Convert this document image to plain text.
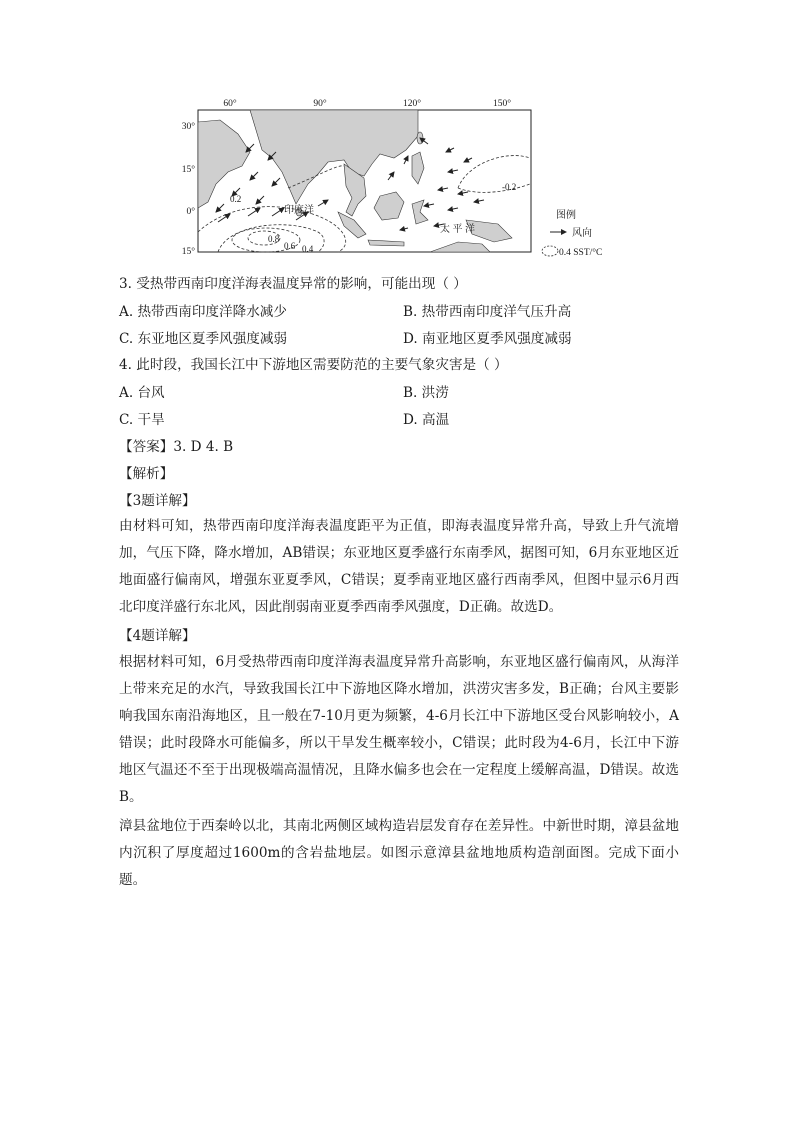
60°	90°	120°	150°
30°
15°
0°
15°
印度洋
太 平 洋
0.2
0.8
0.6 0.4
-0.2
图例
风向
0.4 SST/°C
3. 受热带西南印度洋海表温度异常的影响，可能出现（ ）
A. 热带西南印度洋降水减少	B. 热带西南印度洋气压升高
C. 东亚地区夏季风强度减弱	D. 南亚地区夏季风强度减弱
4. 此时段，我国长江中下游地区需要防范的主要气象灾害是（ ）
A. 台风	B. 洪涝
C. 干旱	D. 高温
【答案】3. D 4. B
【解析】
【3题详解】

由材料可知，热带西南印度洋海表温度距平为正值，即海表温度异常升高，导致上升气流增加，气压下降，降水增加，AB错误；东亚地区夏季盛行东南季风，据图可知，6月东亚地区近地面盛行偏南风，增强东亚夏季风，C错误；夏季南亚地区盛行西南季风，但图中显示6月西北印度洋盛行东北风，因此削弱南亚夏季西南季风强度，D正确。故选D。

【4题详解】

根据材料可知，6月受热带西南印度洋海表温度异常升高影响，东亚地区盛行偏南风，从海洋上带来充足的水汽，导致我国长江中下游地区降水增加，洪涝灾害多发，B正确；台风主要影响我国东南沿海地区，且一般在7-10月更为频繁，4-6月长江中下游地区受台风影响较小，A错误；此时段降水可能偏多，所以干旱发生概率较小，C错误；此时段为4-6月，长江中下游地区气温还不至于出现极端高温情况，且降水偏多也会在一定程度上缓解高温，D错误。故选B。

漳县盆地位于西秦岭以北，其南北两侧区域构造岩层发育存在差异性。中新世时期，漳县盆地内沉积了厚度超过1600m的含岩盐地层。如图示意漳县盆地地质构造剖面图。完成下面小题。
